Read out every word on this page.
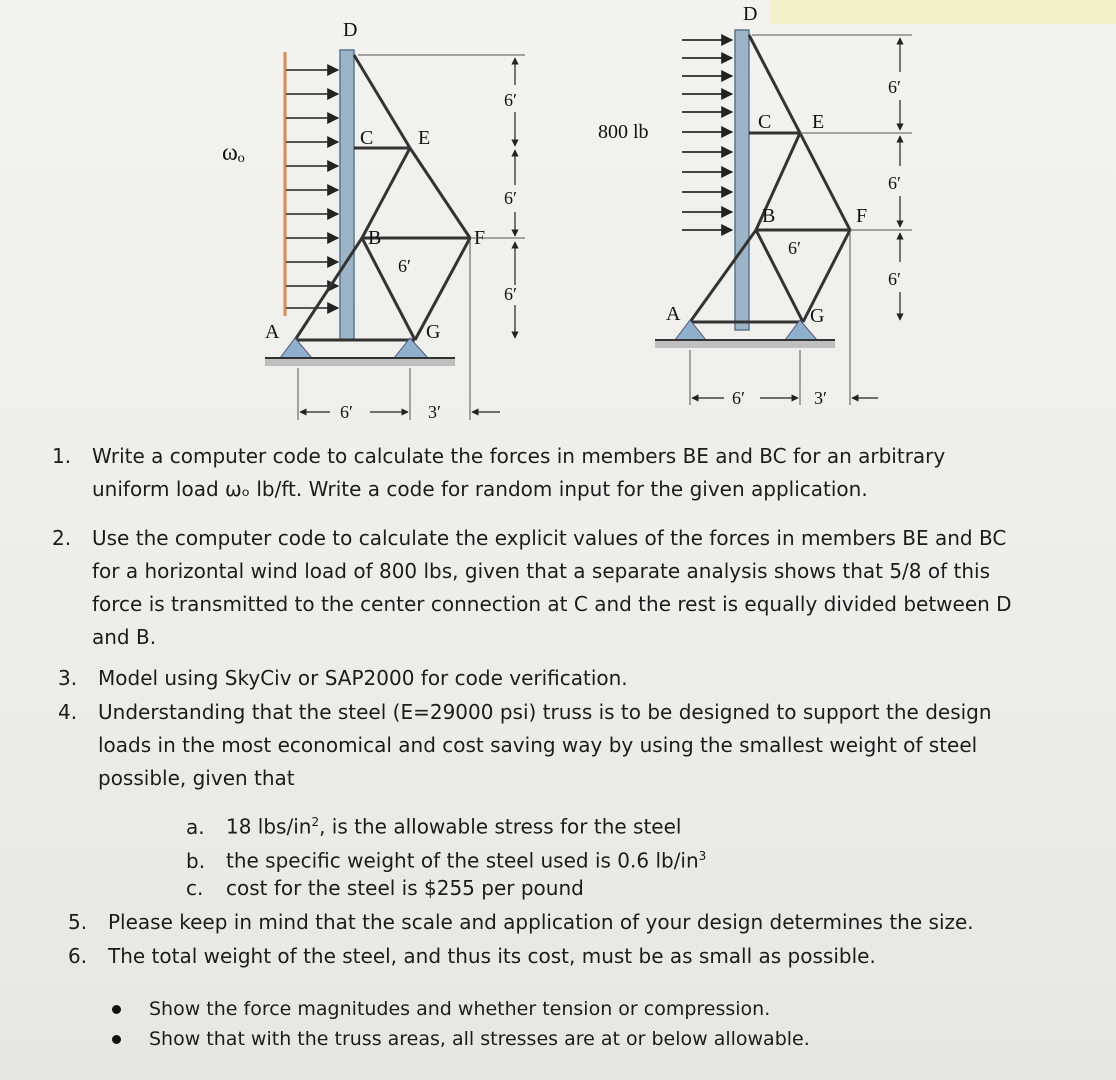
D
C E
B	F
A	G
ωₒ
6′
6′
6′
6′
6′	3′
800 lb
D
C E
B	F
A	G
6′
6′
6′
6′
6′	3′
1. Write a computer code to calculate the forces in members BE and BC for an arbitrary
uniform load ωₒ lb/ft. Write a code for random input for the given application.
2. Use the computer code to calculate the explicit values of the forces in members BE and BC
for a horizontal wind load of 800 lbs, given that a separate analysis shows that 5/8 of this
force is transmitted to the center connection at C and the rest is equally divided between D
and B.
3. Model using SkyCiv or SAP2000 for code verification.
4. Understanding that the steel (E=29000 psi) truss is to be designed to support the design
loads in the most economical and cost saving way by using the smallest weight of steel
possible, given that
a. 18 lbs/$in^2$, is the allowable stress for the steel
b. the specific weight of the steel used is 0.6 $lb/in^3$
c. cost for the steel is $255 per pound
5. Please keep in mind that the scale and application of your design determines the size.
6. The total weight of the steel, and thus its cost, must be as small as possible.
Show the force magnitudes and whether tension or compression.
Show that with the truss areas, all stresses are at or below allowable.
